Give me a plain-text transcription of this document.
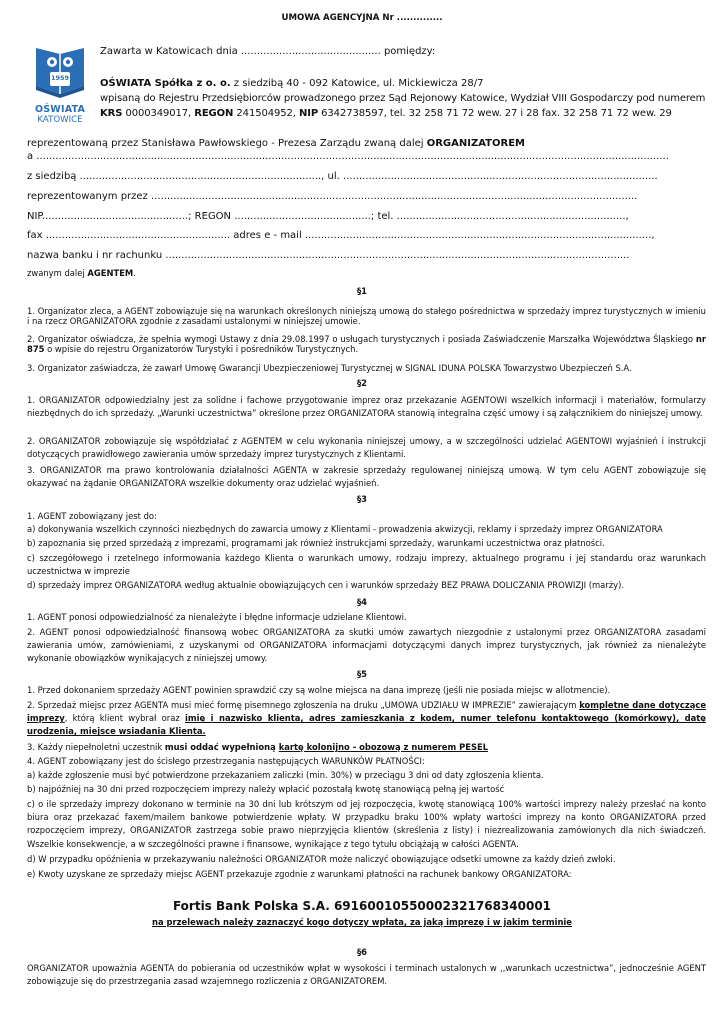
UMOWA AGENCYJNA Nr ..............
1959
OŚWIATA
KATOWICE
Zawarta w Katowicach dnia ............................................ pomiędzy:
OŚWIATA Spółka z o. o. z siedzibą 40 - 092 Katowice, ul. Mickiewicza 28/7
wpisaną do Rejestru Przedsiębiorców prowadzonego przez Sąd Rejonowy Katowice, Wydział VIII Gospodarczy pod numerem
KRS 0000349017, REGON 241504952, NIP 6342738597, tel. 32 258 71 72 wew. 27 i 28 fax. 32 258 71 72 wew. 29
reprezentowaną przez Stanisława Pawłowskiego - Prezesa Zarządu zwaną dalej ORGANIZATOREM
a .......................................................................................................................................................................................................
z siedzibą ............................................................................, ul. ...................................................................................................
reprezentowanym przez .........................................................................................................................................................
NIP..............................................; REGON ...........................................; tel. ........................................................................,
fax .......................................................... adres e - mail .............................................................................................................,
nazwa banku i nr rachunku ..................................................................................................................................................
zwanym dalej AGENTEM.
§1
1. Organizator zleca, a AGENT zobowiązuje się na warunkach określonych niniejszą umową do stałego pośrednictwa w sprzedaży imprez turystycznych w imieniu i na rzecz ORGANIZATORA zgodnie z zasadami ustalonymi w niniejszej umowie.
2. Organizator oświadcza, że spełnia wymogi Ustawy z dnia 29.08.1997 o usługach turystycznych i posiada Zaświadczenie Marszałka Województwa Śląskiego nr 875 o wpisie do rejestru Organizatorów Turystyki i pośredników Turystycznych.
3. Organizator zaświadcza, że zawarł Umowę Gwarancji Ubezpieczeniowej Turystycznej w SIGNAL IDUNA POLSKA Towarzystwo Ubezpieczeń S.A.
§2
1. ORGANIZATOR odpowiedzialny jest za solidne i fachowe przygotowanie imprez oraz przekazanie AGENTOWI wszelkich informacji i materiałów, formularzy niezbędnych do ich sprzedaży. „Warunki uczestnictwa” określone przez ORGANIZATORA stanowią integralna część umowy i są załącznikiem do niniejszej umowy.
2. ORGANIZATOR zobowiązuje się współdziałać z AGENTEM w celu wykonania niniejszej umowy, a w szczególności udzielać AGENTOWI wyjaśnień i instrukcji dotyczących prawidłowego zawierania umów sprzedaży imprez turystycznych z Klientami.
3. ORGANIZATOR ma prawo kontrolowania działalności AGENTA w zakresie sprzedaży regulowanej niniejszą umową. W tym celu AGENT zobowiązuje się okazywać na żądanie ORGANIZATORA wszelkie dokumenty oraz udzielać wyjaśnień.
§3
1. AGENT zobowiązany jest do:
a) dokonywania wszelkich czynności niezbędnych do zawarcia umowy z Klientami - prowadzenia akwizycji, reklamy i sprzedaży imprez ORGANIZATORA
b) zapoznania się przed sprzedażą z imprezami, programami jak również instrukcjami sprzedaży, warunkami uczestnictwa oraz płatności.
c) szczegółowego i rzetelnego informowania każdego Klienta o warunkach umowy, rodzaju imprezy, aktualnego programu i jej standardu oraz warunkach uczestnictwa w imprezie
d) sprzedaży imprez ORGANIZATORA według aktualnie obowiązujących cen i warunków sprzedaży BEZ PRAWA DOLICZANIA PROWIZJI (marży).
§4
1. AGENT ponosi odpowiedzialność za nienależyte i błędne informacje udzielane Klientowi.
2. AGENT ponosi odpowiedzialność finansową wobec ORGANIZATORA za skutki umów zawartych niezgodnie z ustalonymi przez ORGANIZATORA zasadami zawierania umów, zamówieniami, z uzyskanymi od ORGANIZATORA informacjami dotyczącymi danych imprez turystycznych, jak również za nienależyte wykonanie obowiązków wynikających z niniejszej umowy.
§5
1. Przed dokonaniem sprzedaży AGENT powinien sprawdzić czy są wolne miejsca na dana imprezę (jeśli nie posiada miejsc w allotmencie).
2. Sprzedaż miejsc przez AGENTA musi mieć formę pisemnego zgłoszenia na druku „UMOWA UDZIAŁU W IMPREZIE” zawierającym kompletne dane dotyczące imprezy, którą klient wybrał oraz imię i nazwisko klienta, adres zamieszkania z kodem, numer telefonu kontaktowego (komórkowy), datę urodzenia, miejsce wsiadania Klienta.
3. Każdy niepełnoletni uczestnik musi oddać wypełnioną kartę kolonijno - obozową z numerem PESEL
4. AGENT zobowiązany jest do ścisłego przestrzegania następujących WARUNKÓW PŁATNOŚCI:
a) każde zgłoszenie musi być potwierdzone przekazaniem zaliczki (min. 30%) w przeciągu 3 dni od daty zgłoszenia klienta.
b) najpóźniej na 30 dni przed rozpoczęciem imprezy należy wpłacić pozostałą kwotę stanowiącą pełną jej wartość
c) o ile sprzedaży imprezy dokonano w terminie na 30 dni lub krótszym od jej rozpoczęcia, kwotę stanowiącą 100% wartości imprezy należy przesłać na konto biura oraz przekazać faxem/mailem bankowe potwierdzenie wpłaty. W przypadku braku 100% wpłaty wartości imprezy na konto ORGANIZATORA przed rozpoczęciem imprezy, ORGANIZATOR zastrzega sobie prawo nieprzyjęcia klientów (skreślenia z listy) i niezrealizowania zamówionych dla nich świadczeń. Wszelkie konsekwencje, a w szczególności prawne i finansowe, wynikające z tego tytułu obciążają w całości AGENTA.
d) W przypadku opóźnienia w przekazywaniu należności ORGANIZATOR może naliczyć obowiązujące odsetki umowne za każdy dzień zwłoki.
e) Kwoty uzyskane ze sprzedaży miejsc AGENT przekazuje zgodnie z warunkami płatności na rachunek bankowy ORGANIZATORA:
Fortis Bank Polska S.A. 69160010550002321768340001
na przelewach należy zaznaczyć kogo dotyczy wpłata, za jaką imprezę i w jakim terminie
§6
ORGANIZATOR upoważnia AGENTA do pobierania od uczestników wpłat w wysokości i terminach ustalonych w ,,warunkach uczestnictwa”, jednocześnie AGENT zobowiązuje się do przestrzegania zasad wzajemnego rozliczenia z ORGANIZATOREM.
